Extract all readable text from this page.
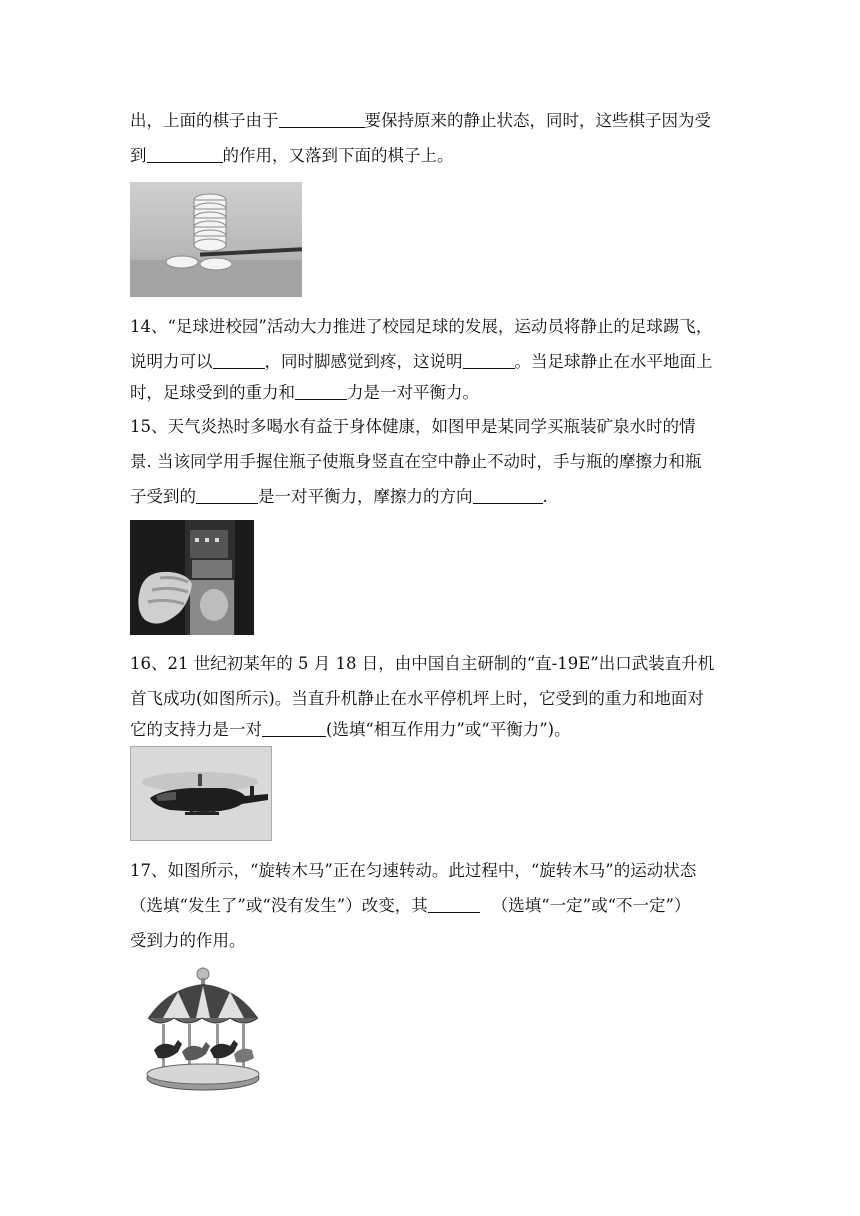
出，上面的棋子由于	要保持原来的静止状态，同时，这些棋子因为受
到	的作用，又落到下面的棋子上。
14、“足球进校园”活动大力推进了校园足球的发展，运动员将静止的足球踢飞，
说明力可以	，同时脚感觉到疼，这说明	。当足球静止在水平地面上
时，足球受到的重力和	力是一对平衡力。
15、天气炎热时多喝水有益于身体健康，如图甲是某同学买瓶装矿泉水时的情
景. 当该同学用手握住瓶子使瓶身竖直在空中静止不动时，手与瓶的摩擦力和瓶
子受到的	是一对平衡力，摩擦力的方向	.
16、21 世纪初某年的 5 月 18 日，由中国自主研制的“直-19E”出口武装直升机
首飞成功(如图所示)。当直升机静止在水平停机坪上时，它受到的重力和地面对
它的支持力是一对	(选填“相互作用力”或“平衡力”)。
17、如图所示，“旋转木马”正在匀速转动。此过程中，“旋转木马”的运动状态
（选填“发生了”或“没有发生”）改变，其	（选填“一定”或“不一定”）
受到力的作用。
